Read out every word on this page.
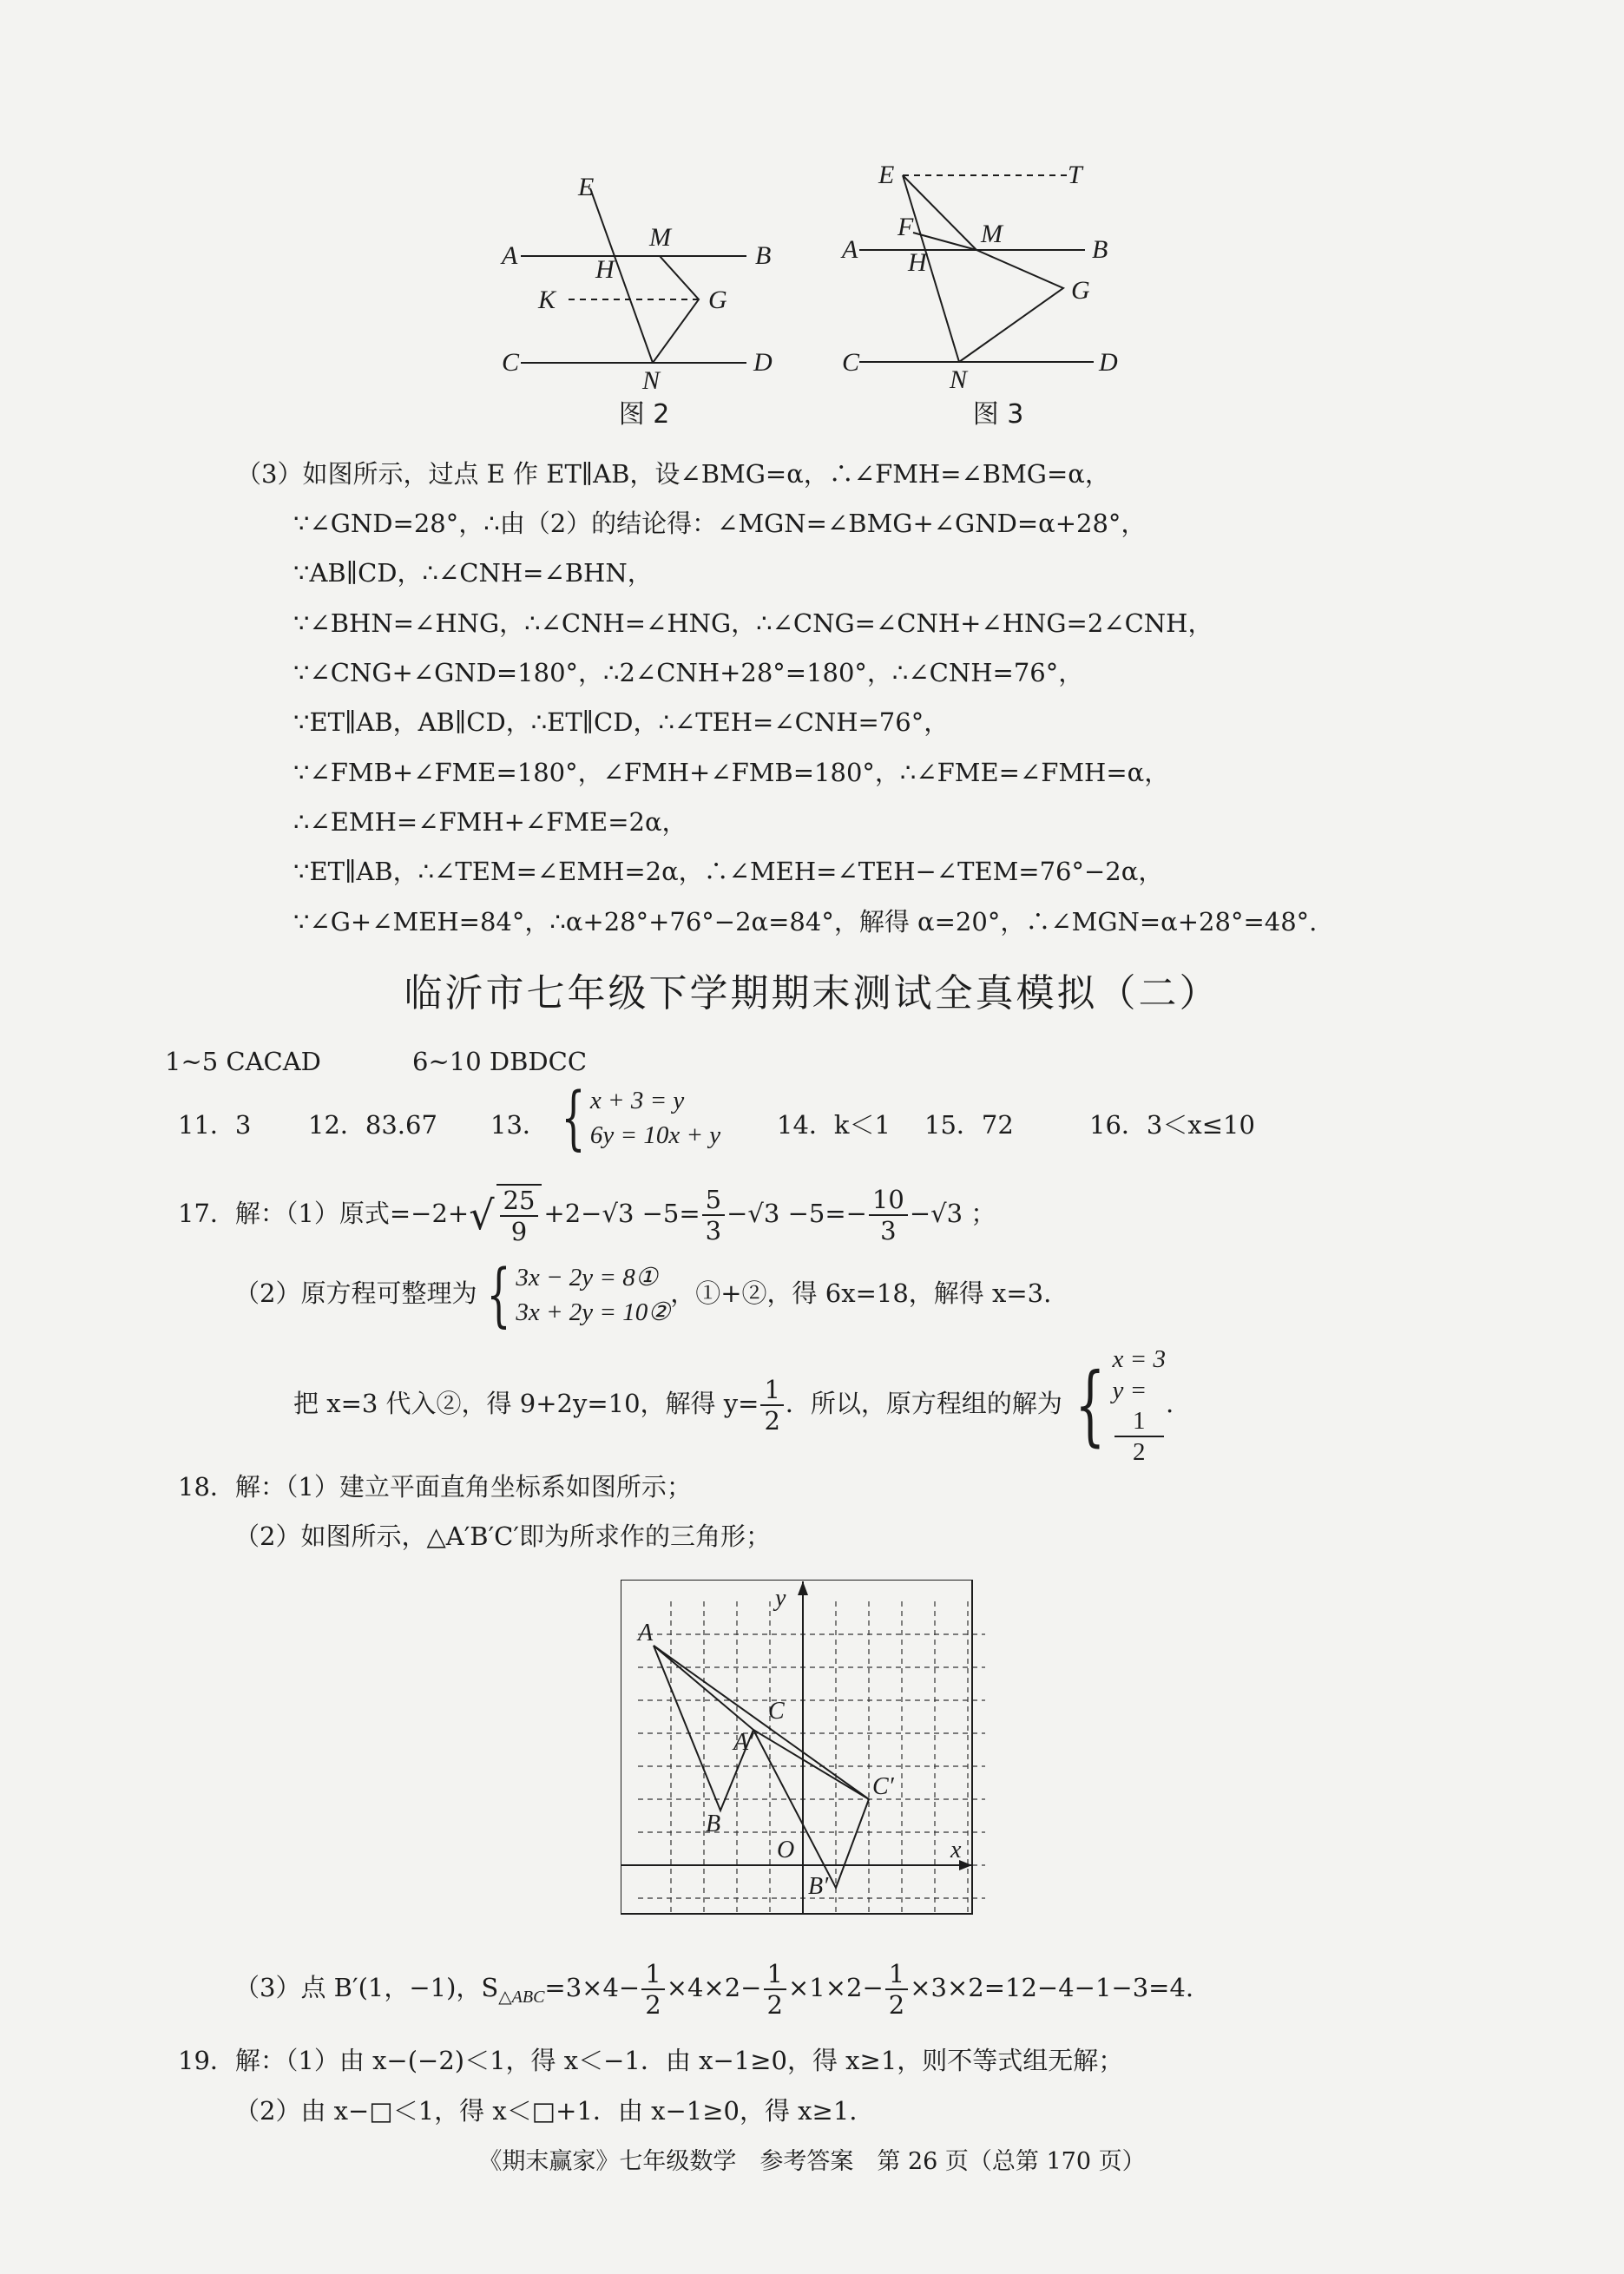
E
A
M
B
H
K	G
C
N
D
图 2
E	T
F	M
A	B
H
G
C
N
D
图 3
（3）如图所示，过点 E 作 ET∥AB，设∠BMG=α，∴∠FMH=∠BMG=α，
∵∠GND=28°，∴由（2）的结论得：∠MGN=∠BMG+∠GND=α+28°，
∵AB∥CD，∴∠CNH=∠BHN，
∵∠BHN=∠HNG，∴∠CNH=∠HNG，∴∠CNG=∠CNH+∠HNG=2∠CNH，
∵∠CNG+∠GND=180°，∴2∠CNH+28°=180°，∴∠CNH=76°，
∵ET∥AB，AB∥CD，∴ET∥CD，∴∠TEH=∠CNH=76°，
∵∠FMB+∠FME=180°，∠FMH+∠FMB=180°，∴∠FME=∠FMH=α，
∴∠EMH=∠FMH+∠FME=2α，
∵ET∥AB，∴∠TEM=∠EMH=2α，∴∠MEH=∠TEH−∠TEM=76°−2α，
∵∠G+∠MEH=84°，∴α+28°+76°−2α=84°，解得 α=20°，∴∠MGN=α+28°=48°.
临沂市七年级下学期期末测试全真模拟（二）
1~5 CACAD	6~10 DBDCC
11．3 12．83.67 13． { x + 3 = y
6y = 10x + y 14．k＜1 15．72	16．3＜x≤10
17．解：（1）原式$=-2+√ \frac{25}{9} +2-√3 -5= \frac{5}{3} -√3 -5=- \frac{10}{3} -√3$ ；
（2）原方程可整理为 { 3x − 2y = 8①
3x + 2y = 10②
，①+②，得 6x=18，解得 x=3.
把 x=3 代入②，得 9+2y=10，解得 $y= \frac{1}{2}$ ．所以，原方程组的解为 { x = 3
y =
1
2
.
18．解：（1）建立平面直角坐标系如图所示；
（2）如图所示，△A′B′C′即为所求作的三角形；
y
x
O
A
C
A′
B
C′
B′
（3）点 B′(1，−1)，$S_{\triangle ABC}=3\times 4- \frac{1}{2} \times 4\times 2- \frac{1}{2} \times 1\times 2- \frac{1}{2} \times 3\times 2=12-4-1-3=4$.
19．解：（1）由 x−(−2)＜1，得 x＜−1．由 x−1≥0，得 x≥1，则不等式组无解；
（2）由 x−□＜1，得 x＜□+1．由 x−1≥0，得 x≥1.
《期末赢家》七年级数学　参考答案　第 26 页（总第 170 页）
